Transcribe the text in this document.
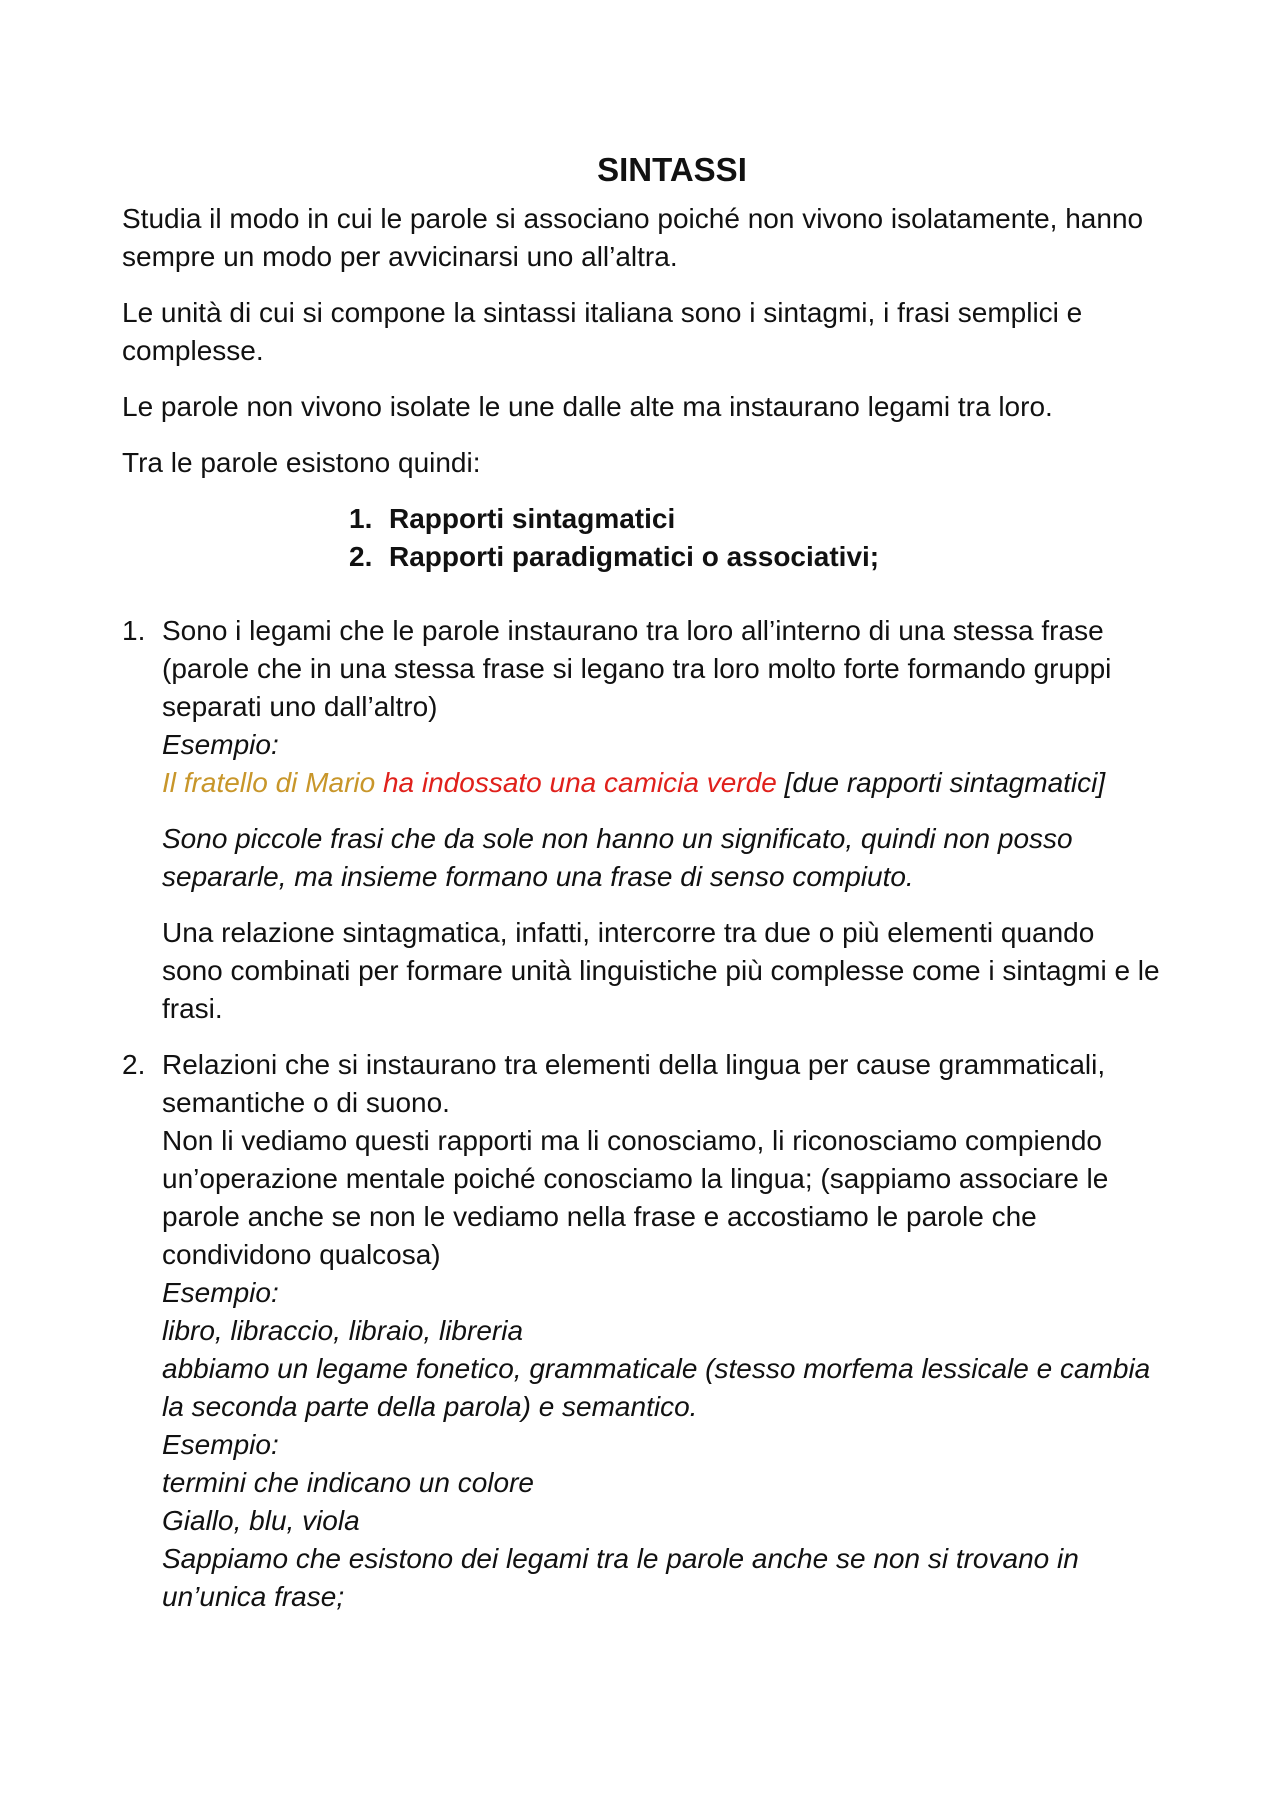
SINTASSI

Studia il modo in cui le parole si associano poiché non vivono isolatamente, hanno sempre un modo per avvicinarsi uno all’altra.

Le unità di cui si compone la sintassi italiana sono i sintagmi, i frasi semplici e complesse.

Le parole non vivono isolate le une dalle alte ma instaurano legami tra loro.

Tra le parole esistono quindi:

1. Rapporti sintagmatici
2. Rapporti paradigmatici o associativi;
1. Sono i legami che le parole instaurano tra loro all’interno di una stessa frase (parole che in una stessa frase si legano tra loro molto forte formando gruppi separati uno dall’altro)
Esempio:
Il fratello di Mario ha indossato una camicia verde [due rapporti sintagmatici]

Sono piccole frasi che da sole non hanno un significato, quindi non posso separarle, ma insieme formano una frase di senso compiuto.

Una relazione sintagmatica, infatti, intercorre tra due o più elementi quando sono combinati per formare unità linguistiche più complesse come i sintagmi e le frasi.

2. Relazioni che si instaurano tra elementi della lingua per cause grammaticali, semantiche o di suono.
Non li vediamo questi rapporti ma li conosciamo, li riconosciamo compiendo un’operazione mentale poiché conosciamo la lingua; (sappiamo associare le parole anche se non le vediamo nella frase e accostiamo le parole che condividono qualcosa)
Esempio:
libro, libraccio, libraio, libreria
abbiamo un legame fonetico, grammaticale (stesso morfema lessicale e cambia la seconda parte della parola) e semantico.
Esempio:
termini che indicano un colore
Giallo, blu, viola
Sappiamo che esistono dei legami tra le parole anche se non si trovano in un’unica frase;
